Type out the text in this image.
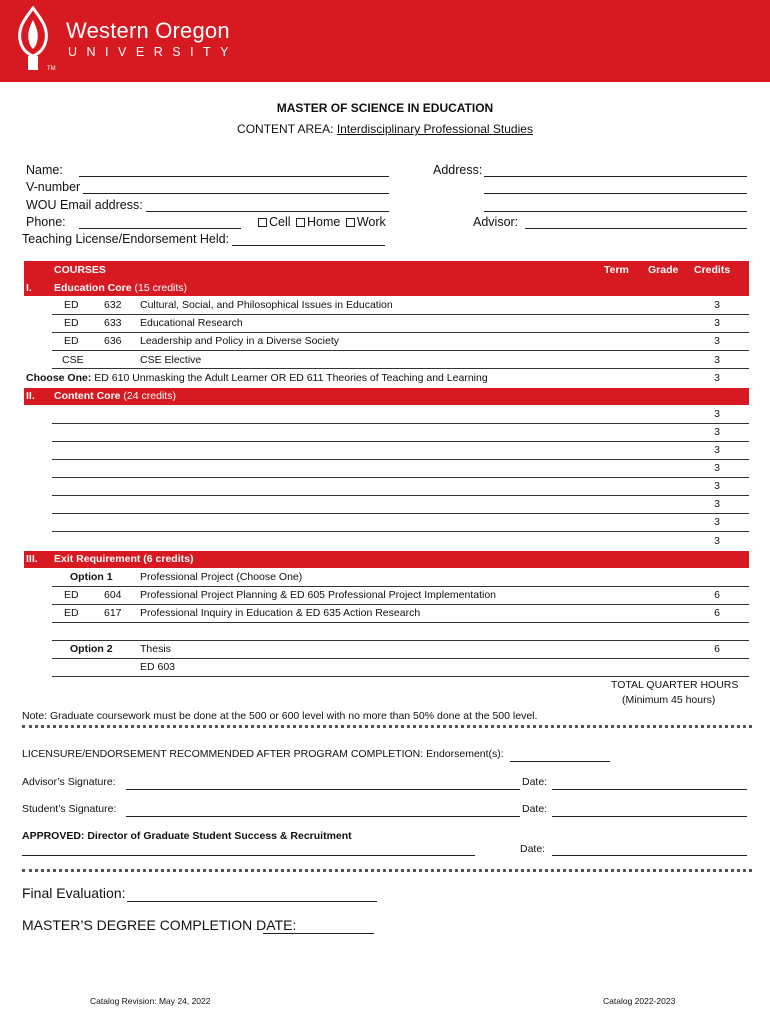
Western Oregon
UNIVERSITY
TM
MASTER OF SCIENCE IN EDUCATION
CONTENT AREA: Interdisciplinary Professional Studies
Name:
V-number
WOU Email address:
Phone:	Cell Home Work
Teaching License/Endorsement Held:
Address:
Advisor:
COURSES	Term Grade Credits
I. Education Core (15 credits)
ED 632 Cultural, Social, and Philosophical Issues in Education	3
ED 633 Educational Research	3
ED 636 Leadership and Policy in a Diverse Society	3
CSE	CSE Elective	3
Choose One: ED 610 Unmasking the Adult Learner OR ED 611 Theories of Teaching and Learning	3
II. Content Core (24 credits)
3
3
3
3
3
3
3
3
III. Exit Requirement (6 credits)
Option 1	Professional Project (Choose One)
ED 604 Professional Project Planning & ED 605 Professional Project Implementation	6
ED 617 Professional Inquiry in Education & ED 635 Action Research	6
Option 2	Thesis	6
ED 603
TOTAL QUARTER HOURS
(Minimum 45 hours)
Note: Graduate coursework must be done at the 500 or 600 level with no more than 50% done at the 500 level.
LICENSURE/ENDORSEMENT RECOMMENDED AFTER PROGRAM COMPLETION: Endorsement(s):
Advisor’s Signature:	Date:
Student’s Signature:	Date:
APPROVED: Director of Graduate Student Success & Recruitment
Date:
Final Evaluation:
MASTER’S DEGREE COMPLETION DATE:
Catalog Revision: May 24, 2022	Catalog 2022-2023
